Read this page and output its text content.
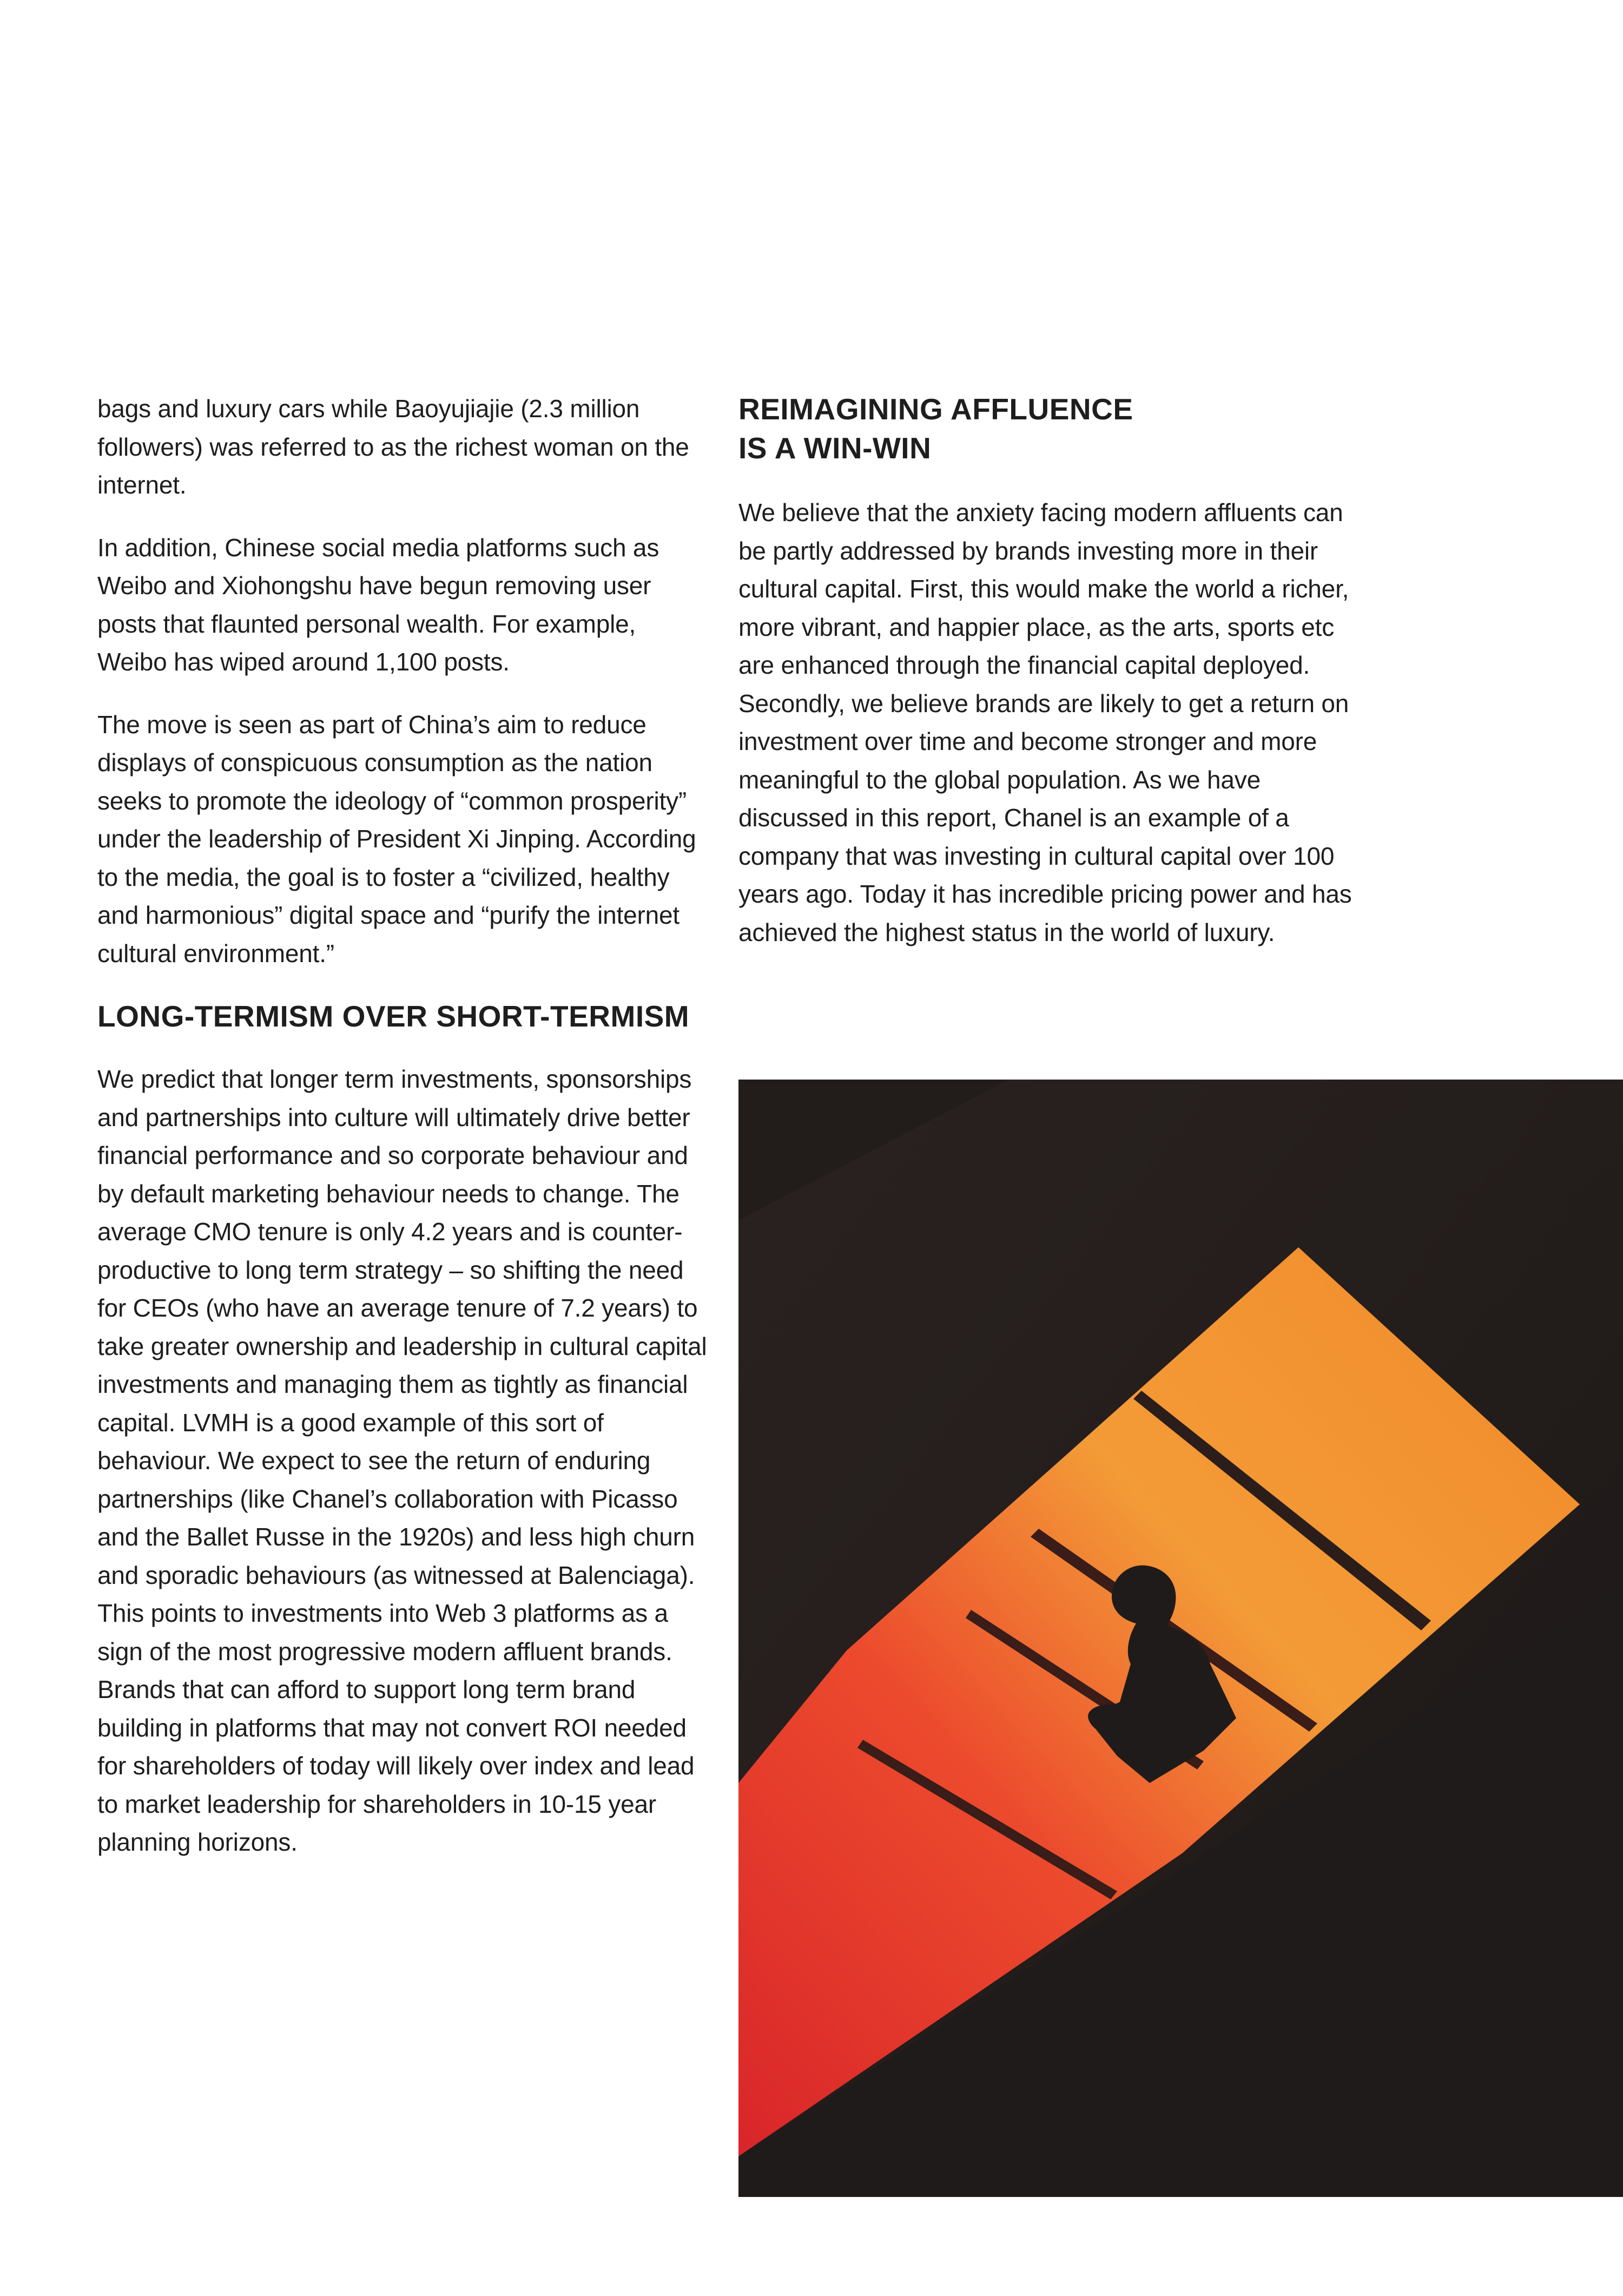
bags and luxury cars while Baoyujiajie (2.3 million followers) was referred to as the richest woman on the internet.

In addition, Chinese social media platforms such as Weibo and Xiohongshu have begun removing user posts that flaunted personal wealth. For example, Weibo has wiped around 1,100 posts.

The move is seen as part of China’s aim to reduce displays of conspicuous consumption as the nation seeks to promote the ideology of “common prosperity” under the leadership of President Xi Jinping. According to the media, the goal is to foster a “civilized, healthy and harmonious” digital space and “purify the internet cultural environment.”

LONG-TERMISM OVER SHORT-TERMISM

We predict that longer term investments, sponsorships and partnerships into culture will ultimately drive better financial performance and so corporate behaviour and by default marketing behaviour needs to change. The average CMO tenure is only 4.2 years and is counter-productive to long term strategy – so shifting the need for CEOs (who have an average tenure of 7.2 years) to take greater ownership and leadership in cultural capital investments and managing them as tightly as financial capital. LVMH is a good example of this sort of behaviour. We expect to see the return of enduring partnerships (like Chanel’s collaboration with Picasso and the Ballet Russe in the 1920s) and less high churn and sporadic behaviours (as witnessed at Balenciaga). This points to investments into Web 3 platforms as a sign of the most progressive modern affluent brands. Brands that can afford to support long term brand building in platforms that may not convert ROI needed for shareholders of today will likely over index and lead to market leadership for shareholders in 10-15 year planning horizons.

REIMAGINING AFFLUENCE
IS A WIN-WIN

We believe that the anxiety facing modern affluents can be partly addressed by brands investing more in their cultural capital. First, this would make the world a richer, more vibrant, and happier place, as the arts, sports etc are enhanced through the financial capital deployed. Secondly, we believe brands are likely to get a return on investment over time and become stronger and more meaningful to the global population. As we have discussed in this report, Chanel is an example of a company that was investing in cultural capital over 100 years ago. Today it has incredible pricing power and has achieved the highest status in the world of luxury.
